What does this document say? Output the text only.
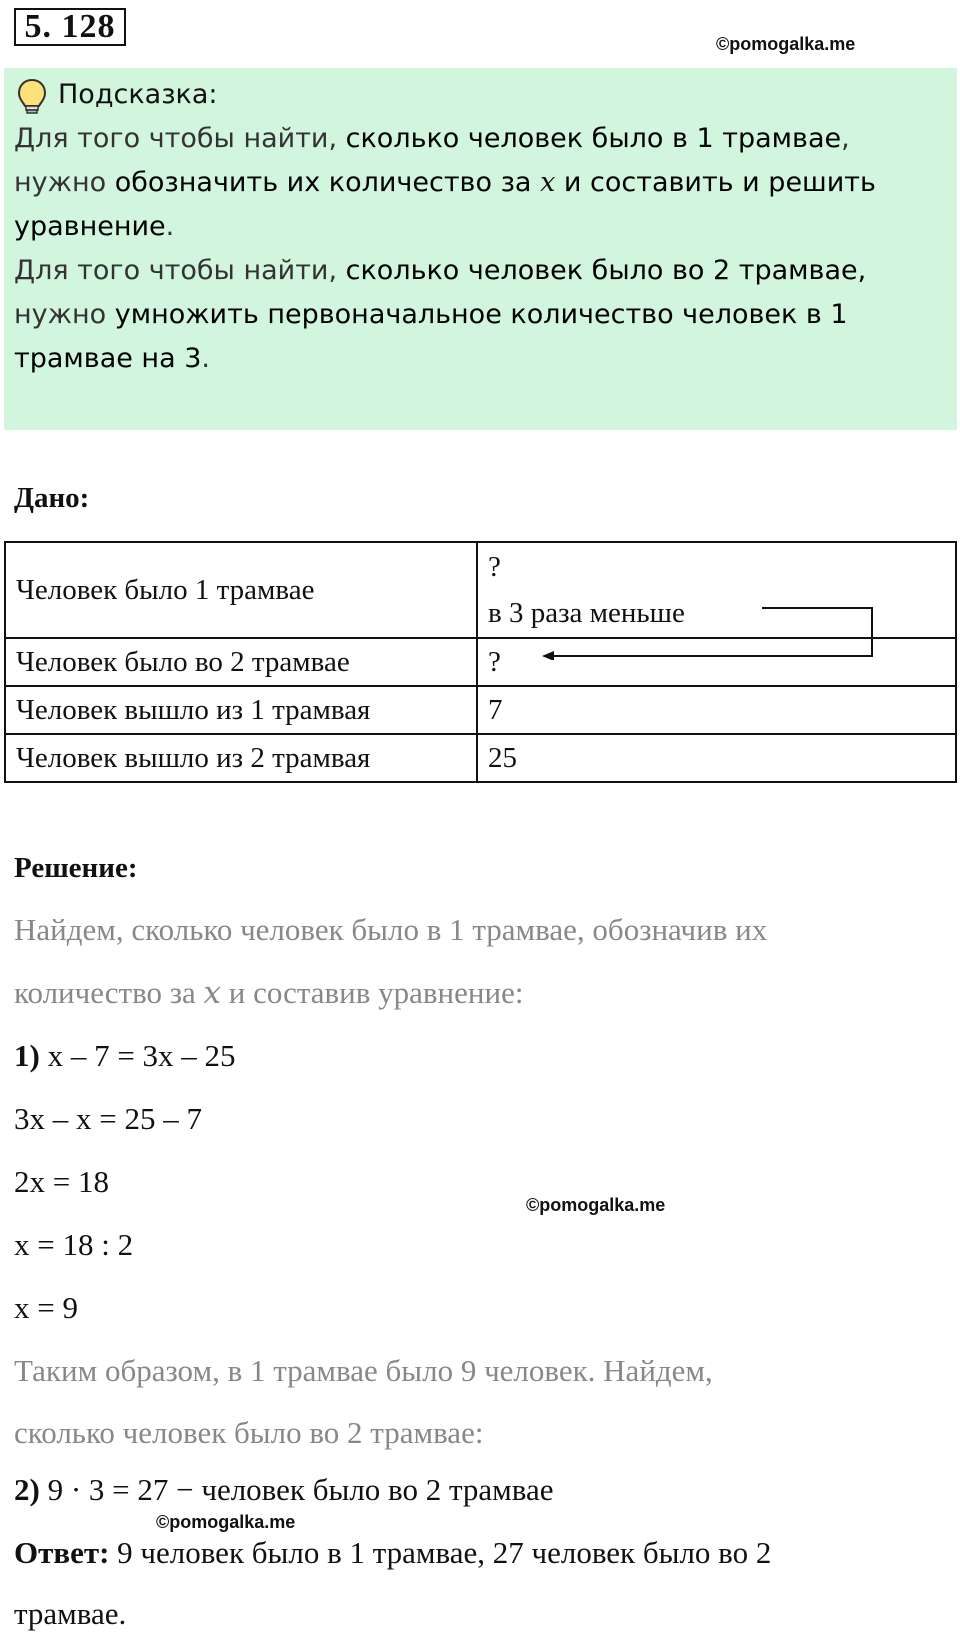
5. 128	©pomogalka.me
Подсказка:
Для того чтобы найти, сколько человек было в 1 трамвае,
нужно обозначить их количество за x и составить и решить
уравнение.
Для того чтобы найти, сколько человек было во 2 трамвае,
нужно умножить первоначальное количество человек в 1
трамвае на 3.
Дано:
Человек было 1 трамвае	?
в 3 раза меньше

Человек было во 2 трамвае	?
Человек вышло из 1 трамвая	7
Человек вышло из 2 трамвая	25
Решение:
Найдем, сколько человек было в 1 трамвае, обозначив их
количество за x и составив уравнение:
1) x – 7 = 3x – 25
3x – x = 25 – 7
2x = 18
x = 18 : 2
x = 9
©pomogalka.me
Таким образом, в 1 трамвае было 9 человек. Найдем,
сколько человек было во 2 трамвае:
2) 9 · 3 = 27 − человек было во 2 трамвае
©pomogalka.me
Ответ: 9 человек было в 1 трамвае, 27 человек было во 2
трамвае.
